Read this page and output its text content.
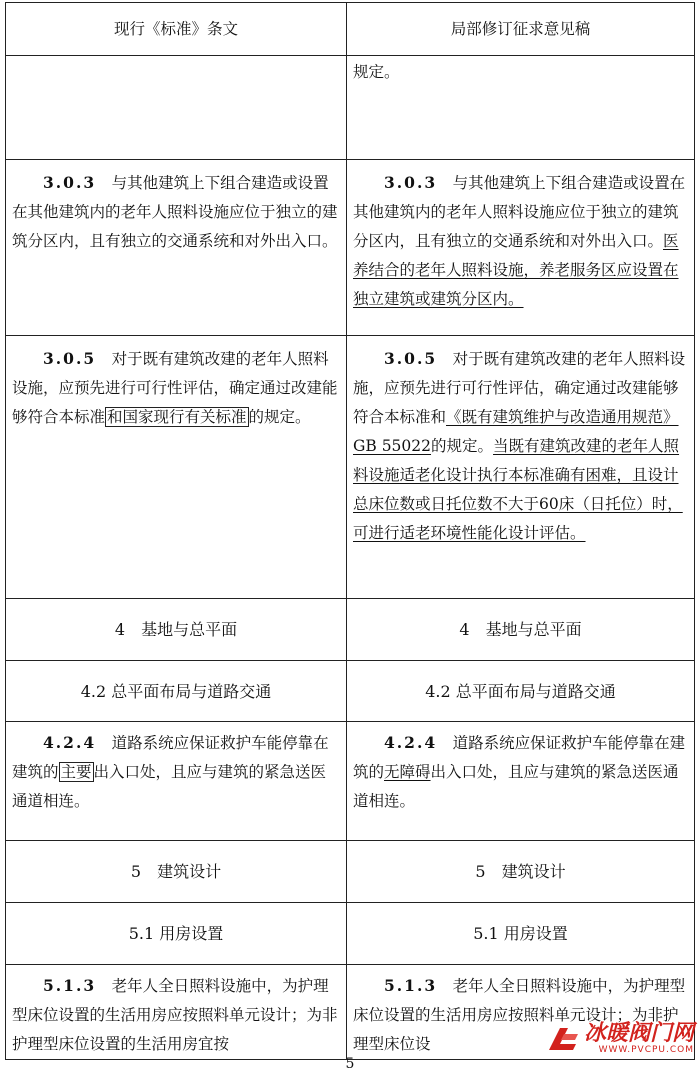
现行《标准》条文	局部修订征求意见稿
	规定。
3.0.3　 与其他建筑上下组合建造或设置在其他建筑内的老年人照料设施应位于独立的建筑分区内，且有独立的交通系统和对外出入口。	3.0.3　 与其他建筑上下组合建造或设置在其他建筑内的老年人照料设施应位于独立的建筑分区内，且有独立的交通系统和对外出入口。医养结合的老年人照料设施，养老服务区应设置在独立建筑或建筑分区内。
3.0.5　 对于既有建筑改建的老年人照料设施，应预先进行可行性评估，确定通过改建能够符合本标准 和国家现行有关标准 的规定。	3.0.5　 对于既有建筑改建的老年人照料设施，应预先进行可行性评估，确定通过改建能够符合本标准和《既有建筑维护与改造通用规范》GB 55022的规定。当既有建筑改建的老年人照料设施适老化设计执行本标准确有困难，且设计总床位数或日托位数不大于60床（日托位）时，可进行适老环境性能化设计评估。
4　基地与总平面	4　基地与总平面
4.2 总平面布局与道路交通	4.2 总平面布局与道路交通
4.2.4　 道路系统应保证救护车能停靠在建筑的 主要 出入口处，且应与建筑的紧急送医通道相连。	4.2.4　 道路系统应保证救护车能停靠在建筑的无障碍出入口处，且应与建筑的紧急送医通道相连。
5　建筑设计	5　建筑设计
5.1 用房设置	5.1 用房设置
5.1.3　 老年人全日照料设施中，为护理型床位设置的生活用房应按照料单元设计；为非护理型床位设置的生活用房宜按	5.1.3　 老年人全日照料设施中，为护理型床位设置的生活用房应按照料单元设计；为非护理型床位设
5
冰暖阀门网
WWW.PVCPU.COM
